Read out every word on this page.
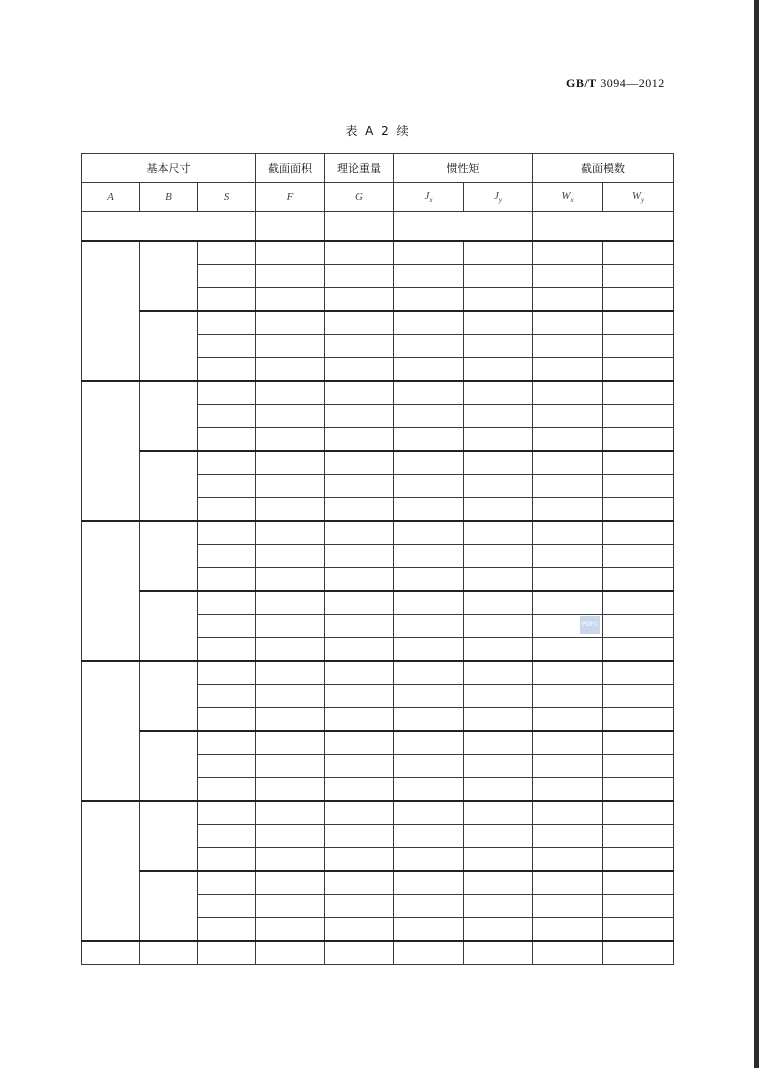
GB/T 3094—2012
表 A 2 续
基本尺寸			截面面积	理论重量	惯性矩		截面模数	
A	B	S	F	G	$J_x$	$J_y$	$W_x$	$W_y$

PDFC
